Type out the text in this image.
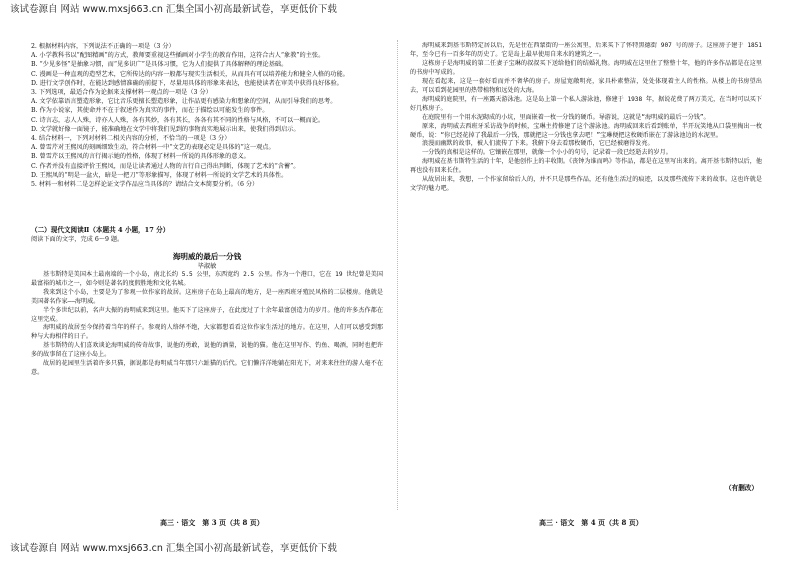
该试卷源自 网站 www.mxsj663.cn 汇集全国小初高最新试卷，享更低价下载

2. 根据材料内容，下列说法不正确的一项是（3 分）

A. 小学教科书以“配图精画”的方式，教师要重视这些插画对小学生的教育作用，这符合古人“象教”的主张。

B. “少见多怪”是抽象习惯，而“见多识广”是具体习惯，它为人们提供了具体解释的理论基础。

C. 漫画是一种直观的造型艺术，它所传达的内容一般都与现实生活相关，从而具有可以培养能力和健全人格的功能。

D. 进行文学创作时，在能达到感情准确的前提下，尽量用具体的形象来表达，也能使读者在审美中获得良好体验。

3. 下列选项，最适合作为论据来支撑材料一观点的一项是（3 分）

A. 文学依靠语言塑造形象，它比音乐更擅长塑造形象，让作品更有感染力和想象的空间，从而引导我们的思考。

B. 作为小说家，其使命并不在于叙述作为真实的事件，而在于描绘以可能发生的事件。

C. 诗言志，志人人殊，诗亦人人殊，各有其妙，各有其长，各各有其不同的性格与风格，不可以一概而论。

D. 文学就好像一面镜子，能准确地在文学中将我们见到的事物真实地展示出来，使我们得到启示。

4. 结合材料一，下列对材料二相关内容的分析，不恰当的一项是（3 分）

A. 曾雪芹对王熙凤的刻画细致生动，符合材料一中“文艺的表现必定是具体的”这一观点。

B. 曾雪芹以王熙凤的言行揭示她的性格，体现了材料一所说的具体形象的意义。

C. 作者并没有直接评价王熙凤，而是让读者通过人物的言行自己得出判断，体现了艺术的“含蓄”。

D. 王熙凤的“明是一盆火，暗是一把刀”等形象描写，体现了材料一所说的文学艺术的具体性。

5. 材料一和材料二是怎样论证文学作品应当具体的？请结合文本简要分析。（6 分）

（二）现代文阅读Ⅱ（本题共 4 小题，17 分）

阅读下面的文字，完成 6～9 题。

海明威的最后一分钱

毕淑敏

基韦斯特是美国本土最南端的一个小岛，南北长约 5.5 公里，东西宽约 2.5 公里。作为一个港口，它在 19 世纪曾是美国最富裕的城市之一，如今则是著名的度假胜地和文化名城。

我来到这个小岛，主要是为了参观一位作家的故居。这座房子在岛上最高的地方，是一座西班牙殖民风格的二层楼房。他就是美国著名作家——海明威。

半个多世纪以前，名声大振的海明威来到这里。他买下了这座房子，在此度过了十余年最富创造力的岁月。他的许多杰作都在这里完成。

海明威的故居至今保持着当年的样子。参观的人络绎不绝，大家都想看看这位作家生活过的地方。在这里，人们可以感受到那种与大海相伴的日子。

基韦斯特的人们喜欢谈论海明威的传奇故事，说他的勇敢，说他的酒量，说他的猫。他在这里写作、钓鱼、喝酒，同时也把许多的故事留在了这座小岛上。

故居的花园里生活着许多只猫，据说都是海明威当年那只六趾猫的后代。它们懒洋洋地躺在阳光下，对来来往往的游人毫不在意。

海明威来到基韦斯特定居以后，先是住在西蒙街的一座公寓里，后来买下了怀特黑德街 907 号的房子。这座房子建于 1851 年，至今已有一百多年的历史了。它是岛上最早使用自来水的建筑之一。

这栋房子是海明威的第二任妻子宝琳的叔叔买下送给他们的结婚礼物。海明威在这里住了整整十年，他的许多作品都是在这里的书房中写成的。

现在看起来，这是一套好看而并不奢华的房子。房屋宽敞明亮，家具朴素整洁，处处体现着主人的性格。从楼上的书房望出去，可以看到花园里的热带植物和远处的大海。

海明威的庭院里，有一座露天游泳池。这是岛上第一个私人游泳池，修建于 1938 年，据说花费了两万美元，在当时可以买下好几栋房子。

在庭院里有一个用水泥砌成的小坑，里面嵌着一枚一分钱的硬币。导游说，这就是“海明威的最后一分钱”。

原来，海明威去西班牙采访战争的时候，宝琳主持修建了这个游泳池。海明威回来后看到账单，半开玩笑地从口袋里掏出一枚硬币，说：“你已经花掉了我最后一分钱，那就把这一分钱也拿去吧！”宝琳便把这枚硬币嵌在了游泳池边的水泥里。

浪漫而幽默的故事，被人们流传了下来。我俯下身去看那枚硬币，它已经被磨得发亮。

一分钱的真相是这样的。它镶嵌在那里，就像一个小小的句号，记录着一段已经逝去的岁月。

海明威在基韦斯特生活的十年，是他创作上的丰收期。《丧钟为谁而鸣》等作品，都是在这里写出来的。离开基韦斯特以后，他再也没有回来长住。

从故居出来，我想，一个作家留给后人的，并不只是那些作品，还有他生活过的痕迹，以及那些流传下来的故事。这也许就是文学的魅力吧。

（有删改）
高三 · 语文　第 3 页（共 8 页）	高三 · 语文　第 4 页（共 8 页）
该试卷源自 网站 www.mxsj663.cn 汇集全国小初高最新试卷，享更低价下载
